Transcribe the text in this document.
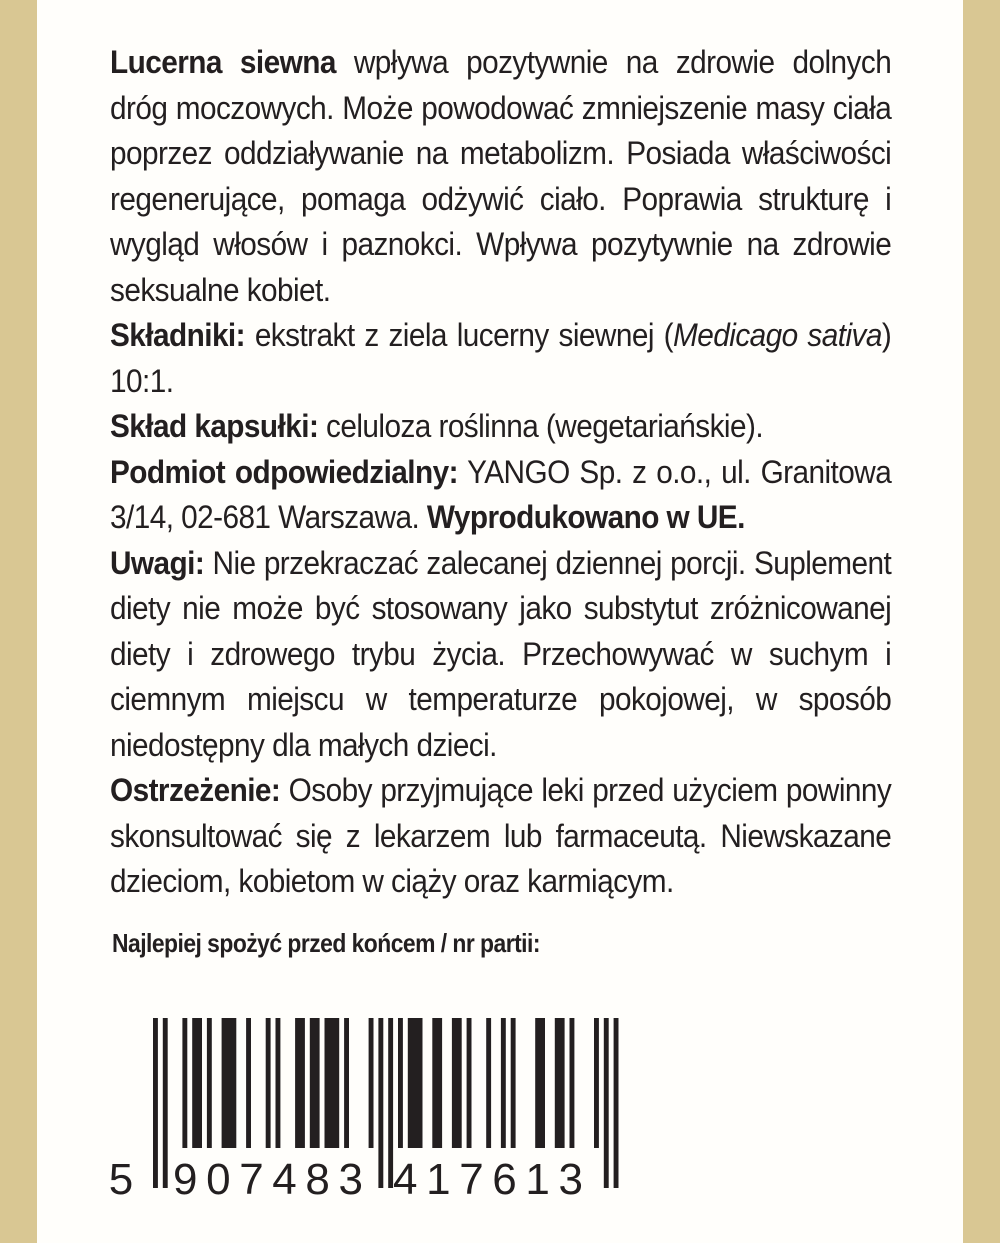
Lucerna siewna wpływa pozytywnie na zdrowie dolnych dróg moczowych. Może powodować zmniejszenie masy ciała poprzez oddziaływanie na metabolizm. Posiada właściwości regenerujące, pomaga odżywić ciało. Poprawia strukturę i wygląd włosów i paznokci. Wpływa pozytywnie na zdrowie seksualne kobiet.

Składniki: ekstrakt z ziela lucerny siewnej (Medicago sativa) 10:1.

Skład kapsułki: celuloza roślinna (wegetariańskie).

Podmiot odpowiedzialny: YANGO Sp. z o.o., ul. Granitowa 3/14, 02-681 Warszawa. Wyprodukowano w UE.

Uwagi: Nie przekraczać zalecanej dziennej porcji. Suplement diety nie może być stosowany jako substytut zróżnicowanej diety i zdrowego trybu życia. Przechowywać w suchym i ciemnym miejscu w temperaturze pokojowej, w sposób niedostępny dla małych dzieci.

Ostrzeżenie: Osoby przyjmujące leki przed użyciem powinny skonsultować się z lekarzem lub farmaceutą. Niewskazane dzieciom, kobietom w ciąży oraz karmiącym.

Najlepiej spożyć przed końcem / nr partii:
5 907483 417613
